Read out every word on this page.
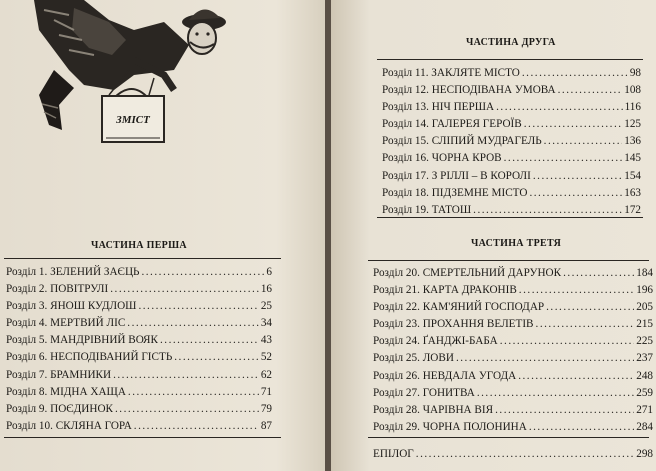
ЗМІСТ
ЧАСТИНА ПЕРША
Розділ 1. ЗЕЛЕНИЙ ЗАЄЦЬ .....	6
Розділ 2. ПОВІТРУЛІ .....	16
Розділ 3. ЯНОШ КУДЛОШ .....	25
Розділ 4. МЕРТВИЙ ЛІС .....	34
Розділ 5. МАНДРІВНИЙ ВОЯК .....	43
Розділ 6. НЕСПОДІВАНИЙ ГІСТЬ .....	52
Розділ 7. БРАМНИКИ .....	62
Розділ 8. МІДНА ХАЩА .....	71
Розділ 9. ПОЄДИНОК .....	79
Розділ 10. СКЛЯНА ГОРА .....	87
ЧАСТИНА ДРУГА
Розділ 11. ЗАКЛЯТЕ МІСТО .....	98
Розділ 12. НЕСПОДІВАНА УМОВА .....	108
Розділ 13. НІЧ ПЕРША .....	116
Розділ 14. ГАЛЕРЕЯ ГЕРОЇВ .....	125
Розділ 15. СЛІПИЙ МУДРАГЕЛЬ .....	136
Розділ 16. ЧОРНА КРОВ .....	145
Розділ 17. З РІЛЛІ – В КОРОЛІ .....	154
Розділ 18. ПІДЗЕМНЕ МІСТО .....	163
Розділ 19. ТАТОШ .....	172
ЧАСТИНА ТРЕТЯ
Розділ 20. СМЕРТЕЛЬНИЙ ДАРУНОК .....	184
Розділ 21. КАРТА ДРАКОНІВ .....	196
Розділ 22. КАМ'ЯНИЙ ГОСПОДАР .....	205
Розділ 23. ПРОХАННЯ ВЕЛЕТІВ .....	215
Розділ 24. ҐАНДЖІ-БАБА .....	225
Розділ 25. ЛОВИ .....	237
Розділ 26. НЕВДАЛА УГОДА .....	248
Розділ 27. ГОНИТВА .....	259
Розділ 28. ЧАРІВНА ВІЯ .....	271
Розділ 29. ЧОРНА ПОЛОНИНА .....	284
ЕПІЛОГ .....	298
